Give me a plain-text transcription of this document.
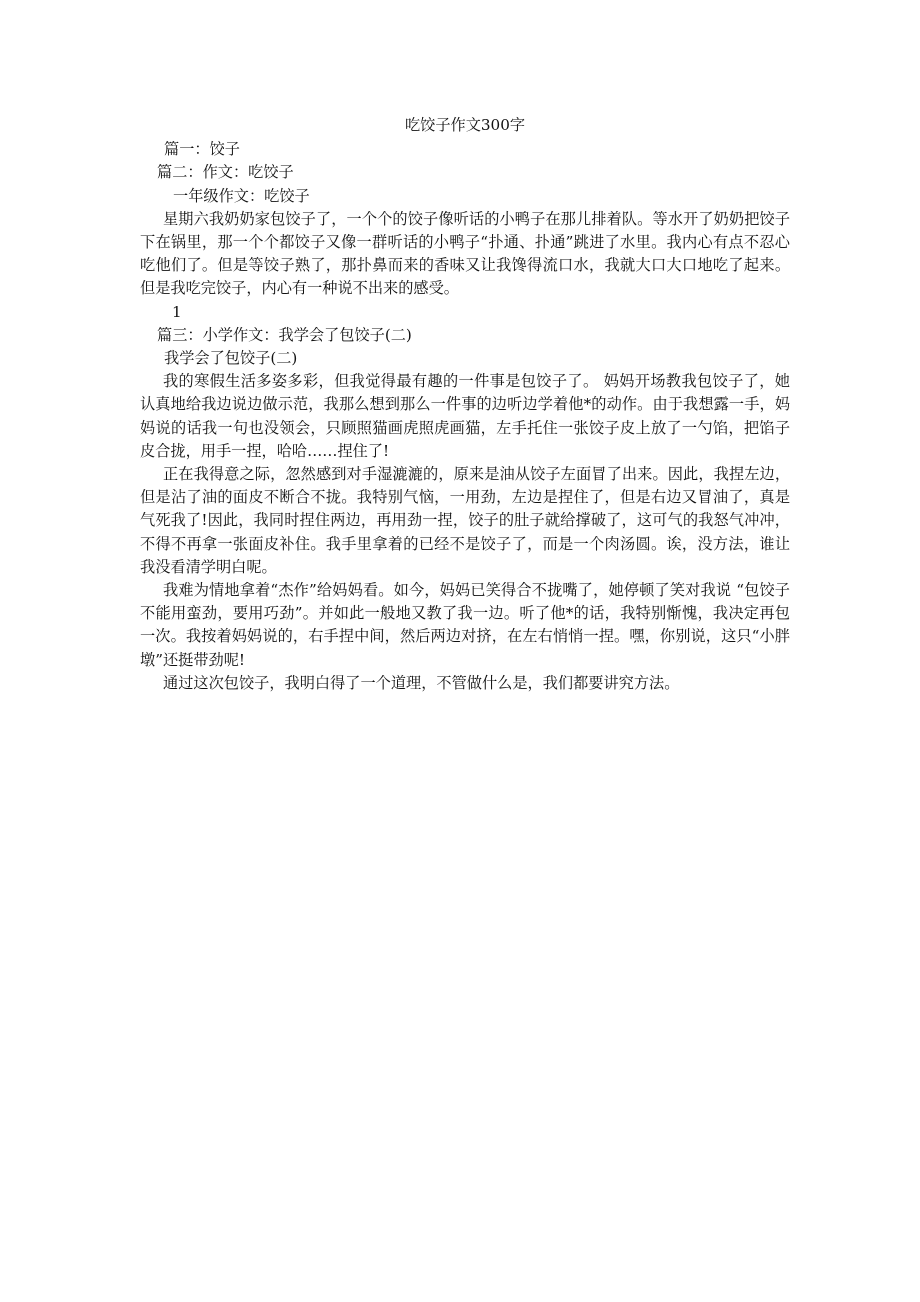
吃饺子作文300字

篇一：饺子

篇二：作文：吃饺子

一年级作文：吃饺子

星期六我奶奶家包饺子了，一个个的饺子像听话的小鸭子在那儿排着队。等水开了奶奶把饺子下在锅里，那一个个都饺子又像一群听话的小鸭子“扑通、扑通”跳进了水里。我内心有点不忍心吃他们了。但是等饺子熟了，那扑鼻而来的香味又让我馋得流口水，我就大口大口地吃了起来。但是我吃完饺子，内心有一种说不出来的感受。

1

篇三：小学作文：我学会了包饺子(二)

我学会了包饺子(二)

我的寒假生活多姿多彩，但我觉得最有趣的一件事是包饺子了。 妈妈开场教我包饺子了，她认真地给我边说边做示范，我那么想到那么一件事的边听边学着他*的动作。由于我想露一手，妈妈说的话我一句也没领会，只顾照猫画虎照虎画猫，左手托住一张饺子皮上放了一勺馅，把馅子皮合拢，用手一捏，哈哈……捏住了!

正在我得意之际，忽然感到对手湿漉漉的，原来是油从饺子左面冒了出来。因此，我捏左边，但是沾了油的面皮不断合不拢。我特别气恼，一用劲，左边是捏住了，但是右边又冒油了，真是气死我了!因此，我同时捏住两边，再用劲一捏，饺子的肚子就给撑破了，这可气的我怒气冲冲，不得不再拿一张面皮补住。我手里拿着的已经不是饺子了，而是一个肉汤圆。诶，没方法，谁让我没看清学明白呢。

我难为情地拿着“杰作”给妈妈看。如今，妈妈已笑得合不拢嘴了，她停顿了笑对我说 “包饺子不能用蛮劲，要用巧劲”。并如此一般地又教了我一边。听了他*的话，我特别惭愧，我决定再包一次。我按着妈妈说的，右手捏中间，然后两边对挤，在左右悄悄一捏。嘿，你别说，这只“小胖墩”还挺带劲呢!

通过这次包饺子，我明白得了一个道理，不管做什么是，我们都要讲究方法。
